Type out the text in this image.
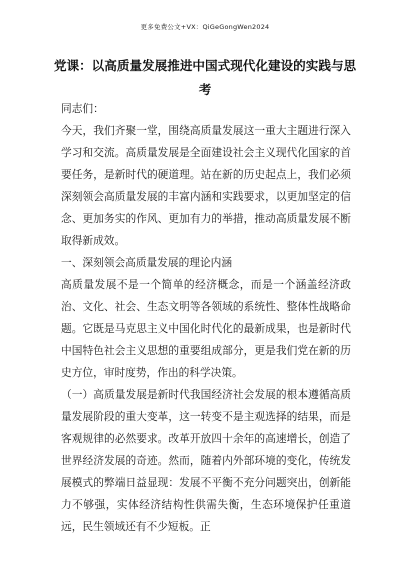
更多免费公文+VX：QiGeGongWen2024
党课：以高质量发展推进中国式现代化建设的实践与思考

同志们：

今天，我们齐聚一堂，围绕高质量发展这一重大主题进行深入学习和交流。高质量发展是全面建设社会主义现代化国家的首要任务，是新时代的硬道理。站在新的历史起点上，我们必须深刻领会高质量发展的丰富内涵和实践要求，以更加坚定的信念、更加务实的作风、更加有力的举措，推动高质量发展不断取得新成效。

一、深刻领会高质量发展的理论内涵

高质量发展不是一个简单的经济概念，而是一个涵盖经济政治、文化、社会、生态文明等各领域的系统性、整体性战略命题。它既是马克思主义中国化时代化的最新成果，也是新时代中国特色社会主义思想的重要组成部分，更是我们党在新的历史方位，审时度势，作出的科学决策。

（一）高质量发展是新时代我国经济社会发展的根本遵循高质量发展阶段的重大变革，这一转变不是主观选择的结果，而是客观规律的必然要求。改革开放四十余年的高速增长，创造了世界经济发展的奇迹。然而，随着内外部环境的变化，传统发展模式的弊端日益显现：发展不平衡不充分问题突出，创新能力不够强，实体经济结构性供需失衡，生态环境保护任重道远，民生领域还有不少短板。正
